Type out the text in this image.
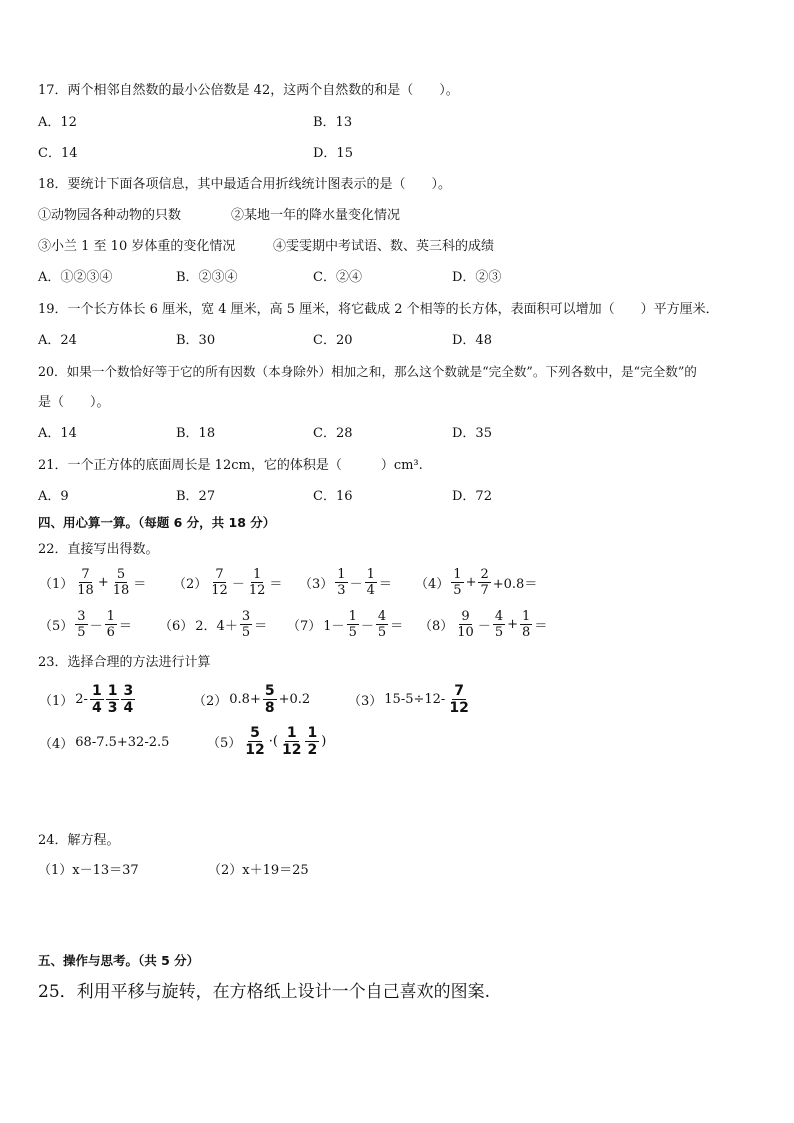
17．两个相邻自然数的最小公倍数是 42，这两个自然数的和是（　　）。
A．12	B．13
C．14	D．15
18．要统计下面各项信息，其中最适合用折线统计图表示的是（　　）。
①动物园各种动物的只数	②某地一年的降水量变化情况
③小兰 1 至 10 岁体重的变化情况	④雯雯期中考试语、数、英三科的成绩
A．①②③④	B．②③④	C．②④	D．②③
19．一个长方体长 6 厘米，宽 4 厘米，高 5 厘米，将它截成 2 个相等的长方体，表面积可以增加（　　）平方厘米．
A．24	B．30	C．20	D．48
20．如果一个数恰好等于它的所有因数（本身除外）相加之和，那么这个数就是“完全数”。下列各数中，是“完全数”的
是（　　）。
A．14	B．18	C．28	D．35
21．一个正方体的底面周长是 12cm，它的体积是（　　　）cm³.
A．9	B．27	C．16	D．72
四、用心算一算。（每题 6 分，共 18 分）
22．直接写出得数。
$(1) \frac{7}{18} + \frac{5}{18} = (2) \frac{7}{12} - \frac{1}{12} = (3) \frac{1}{3} - \frac{1}{4} = (4) \frac{1}{5} + \frac{2}{7} +0.8=$
$(5) \frac{3}{5} - \frac{1}{6} = (6)$ 2．$4+ \frac{3}{5} = (7)$ $1- \frac{1}{5} - \frac{4}{5} = (8) \frac{9}{10} - \frac{4}{5} + \frac{1}{8}$ ＝
23．选择合理的方法进行计算
（1） $2- \frac{1}{4} \frac{1}{3} \frac{3}{4}$	（2） $0.8+ \frac{5}{8} +0.2$	（3） $15-5\div 12- \frac{7}{12}$
（4） 68-7.5+32-2.5	$(5) \frac{5}{12}$ ·( $\frac{1}{12} \frac{1}{2}$ )
24．解方程。
（1）x－13＝37	（2）x＋19＝25
五、操作与思考。（共 5 分）
25．利用平移与旋转，在方格纸上设计一个自己喜欢的图案.
